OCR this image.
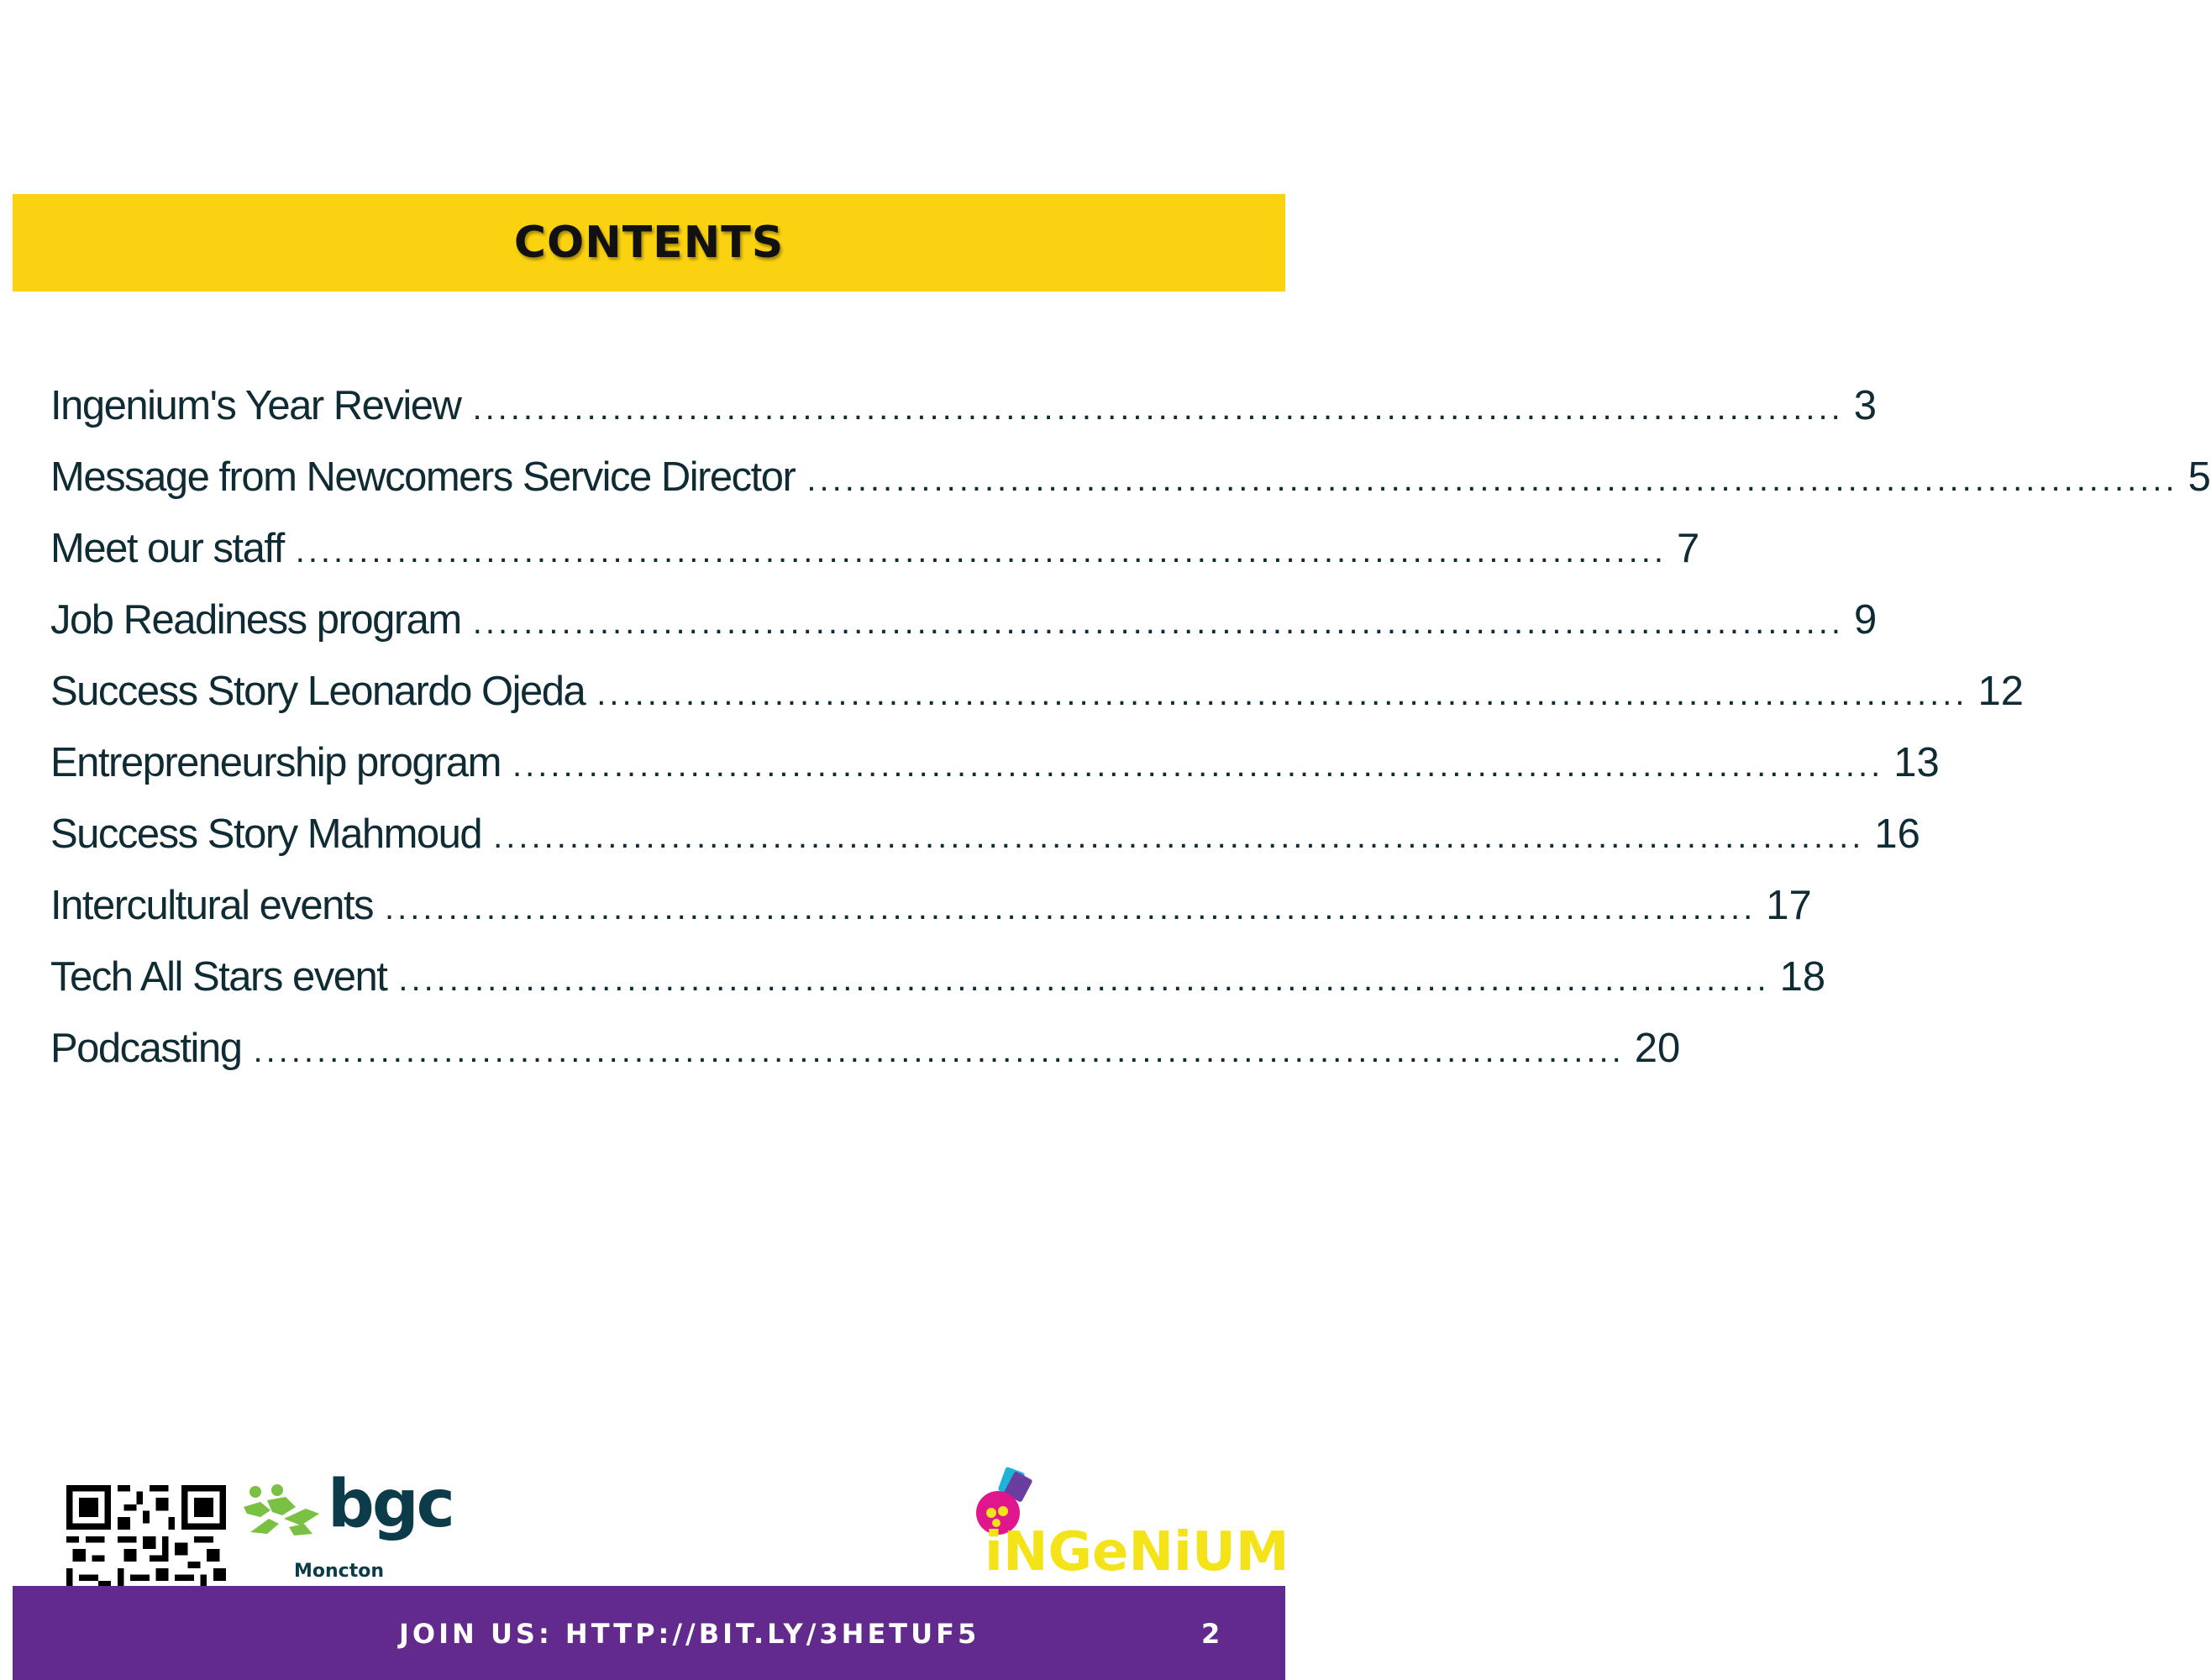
CONTENTS
Ingenium's Year Review ............................................................................................................ 3
Message from Newcomers Service Director ............................................................................................................ 5
Meet our staff ............................................................................................................ 7
Job Readiness program ............................................................................................................ 9
Success Story Leonardo Ojeda ............................................................................................................ 12
Entrepreneurship program ............................................................................................................ 13
Success Story Mahmoud ............................................................................................................ 16
Intercultural events ............................................................................................................ 17
Tech All Stars event ............................................................................................................ 18
Podcasting ............................................................................................................ 20
bgc
Moncton	iNGeNiUM
JOIN US: HTTP://BIT.LY/3HETUF5	2
